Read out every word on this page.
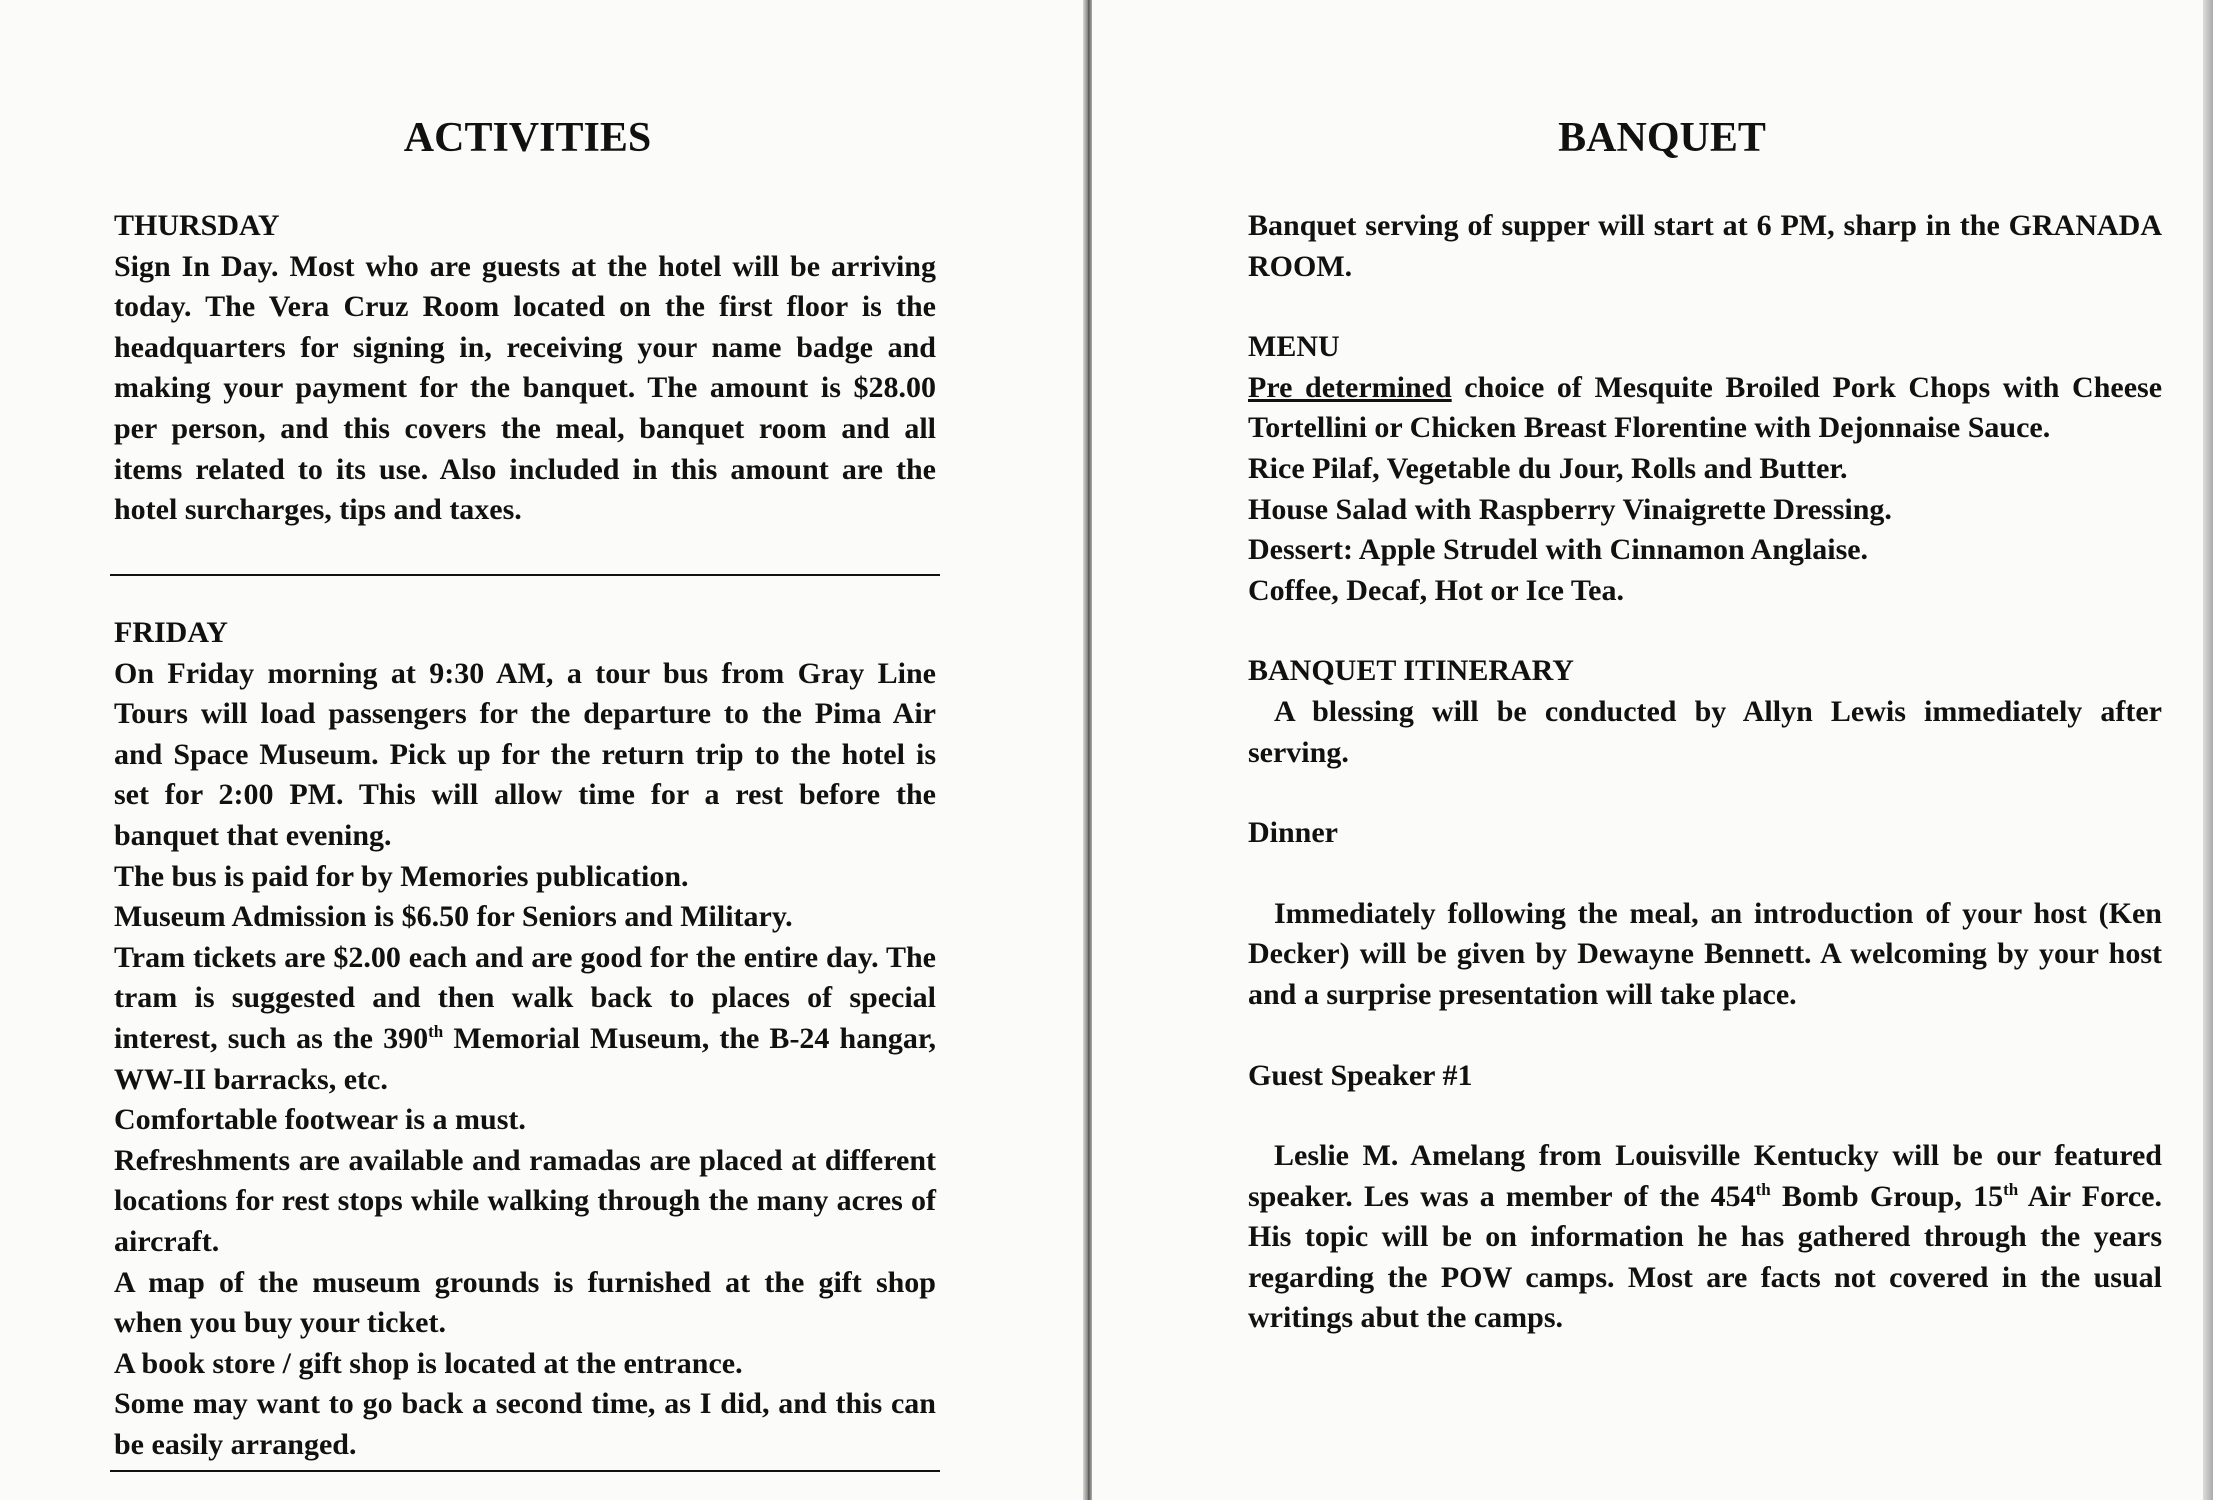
ACTIVITIES

THURSDAY

Sign In Day. Most who are guests at the hotel will be arriving today. The Vera Cruz Room located on the first floor is the headquarters for signing in, receiving your name badge and making your payment for the banquet. The amount is $28.00 per person, and this covers the meal, banquet room and all items related to its use. Also included in this amount are the hotel surcharges, tips and taxes.

FRIDAY

On Friday morning at 9:30 AM, a tour bus from Gray Line Tours will load passengers for the departure to the Pima Air and Space Museum. Pick up for the return trip to the hotel is set for 2:00 PM. This will allow time for a rest before the banquet that evening.

The bus is paid for by Memories publication.

Museum Admission is $6.50 for Seniors and Military.

Tram tickets are $2.00 each and are good for the entire day. The tram is suggested and then walk back to places of special interest, such as the 390th Memorial Museum, the B-24 hangar, WW-II barracks, etc.

Comfortable footwear is a must.

Refreshments are available and ramadas are placed at different locations for rest stops while walking through the many acres of aircraft.

A map of the museum grounds is furnished at the gift shop when you buy your ticket.

A book store / gift shop is located at the entrance.

Some may want to go back a second time, as I did, and this can be easily arranged.

BANQUET

Banquet serving of supper will start at 6 PM, sharp in the GRANADA ROOM.

MENU

Pre determined choice of Mesquite Broiled Pork Chops with Cheese Tortellini or Chicken Breast Florentine with Dejonnaise Sauce.

Rice Pilaf, Vegetable du Jour, Rolls and Butter.

House Salad with Raspberry Vinaigrette Dressing.

Dessert: Apple Strudel with Cinnamon Anglaise.

Coffee, Decaf, Hot or Ice Tea.

BANQUET ITINERARY

A blessing will be conducted by Allyn Lewis immediately after serving.

Dinner

Immediately following the meal, an introduction of your host (Ken Decker) will be given by Dewayne Bennett. A welcoming by your host and a surprise presentation will take place.

Guest Speaker #1

Leslie M. Amelang from Louisville Kentucky will be our featured speaker. Les was a member of the 454th Bomb Group, 15th Air Force. His topic will be on information he has gathered through the years regarding the POW camps. Most are facts not covered in the usual writings abut the camps.
